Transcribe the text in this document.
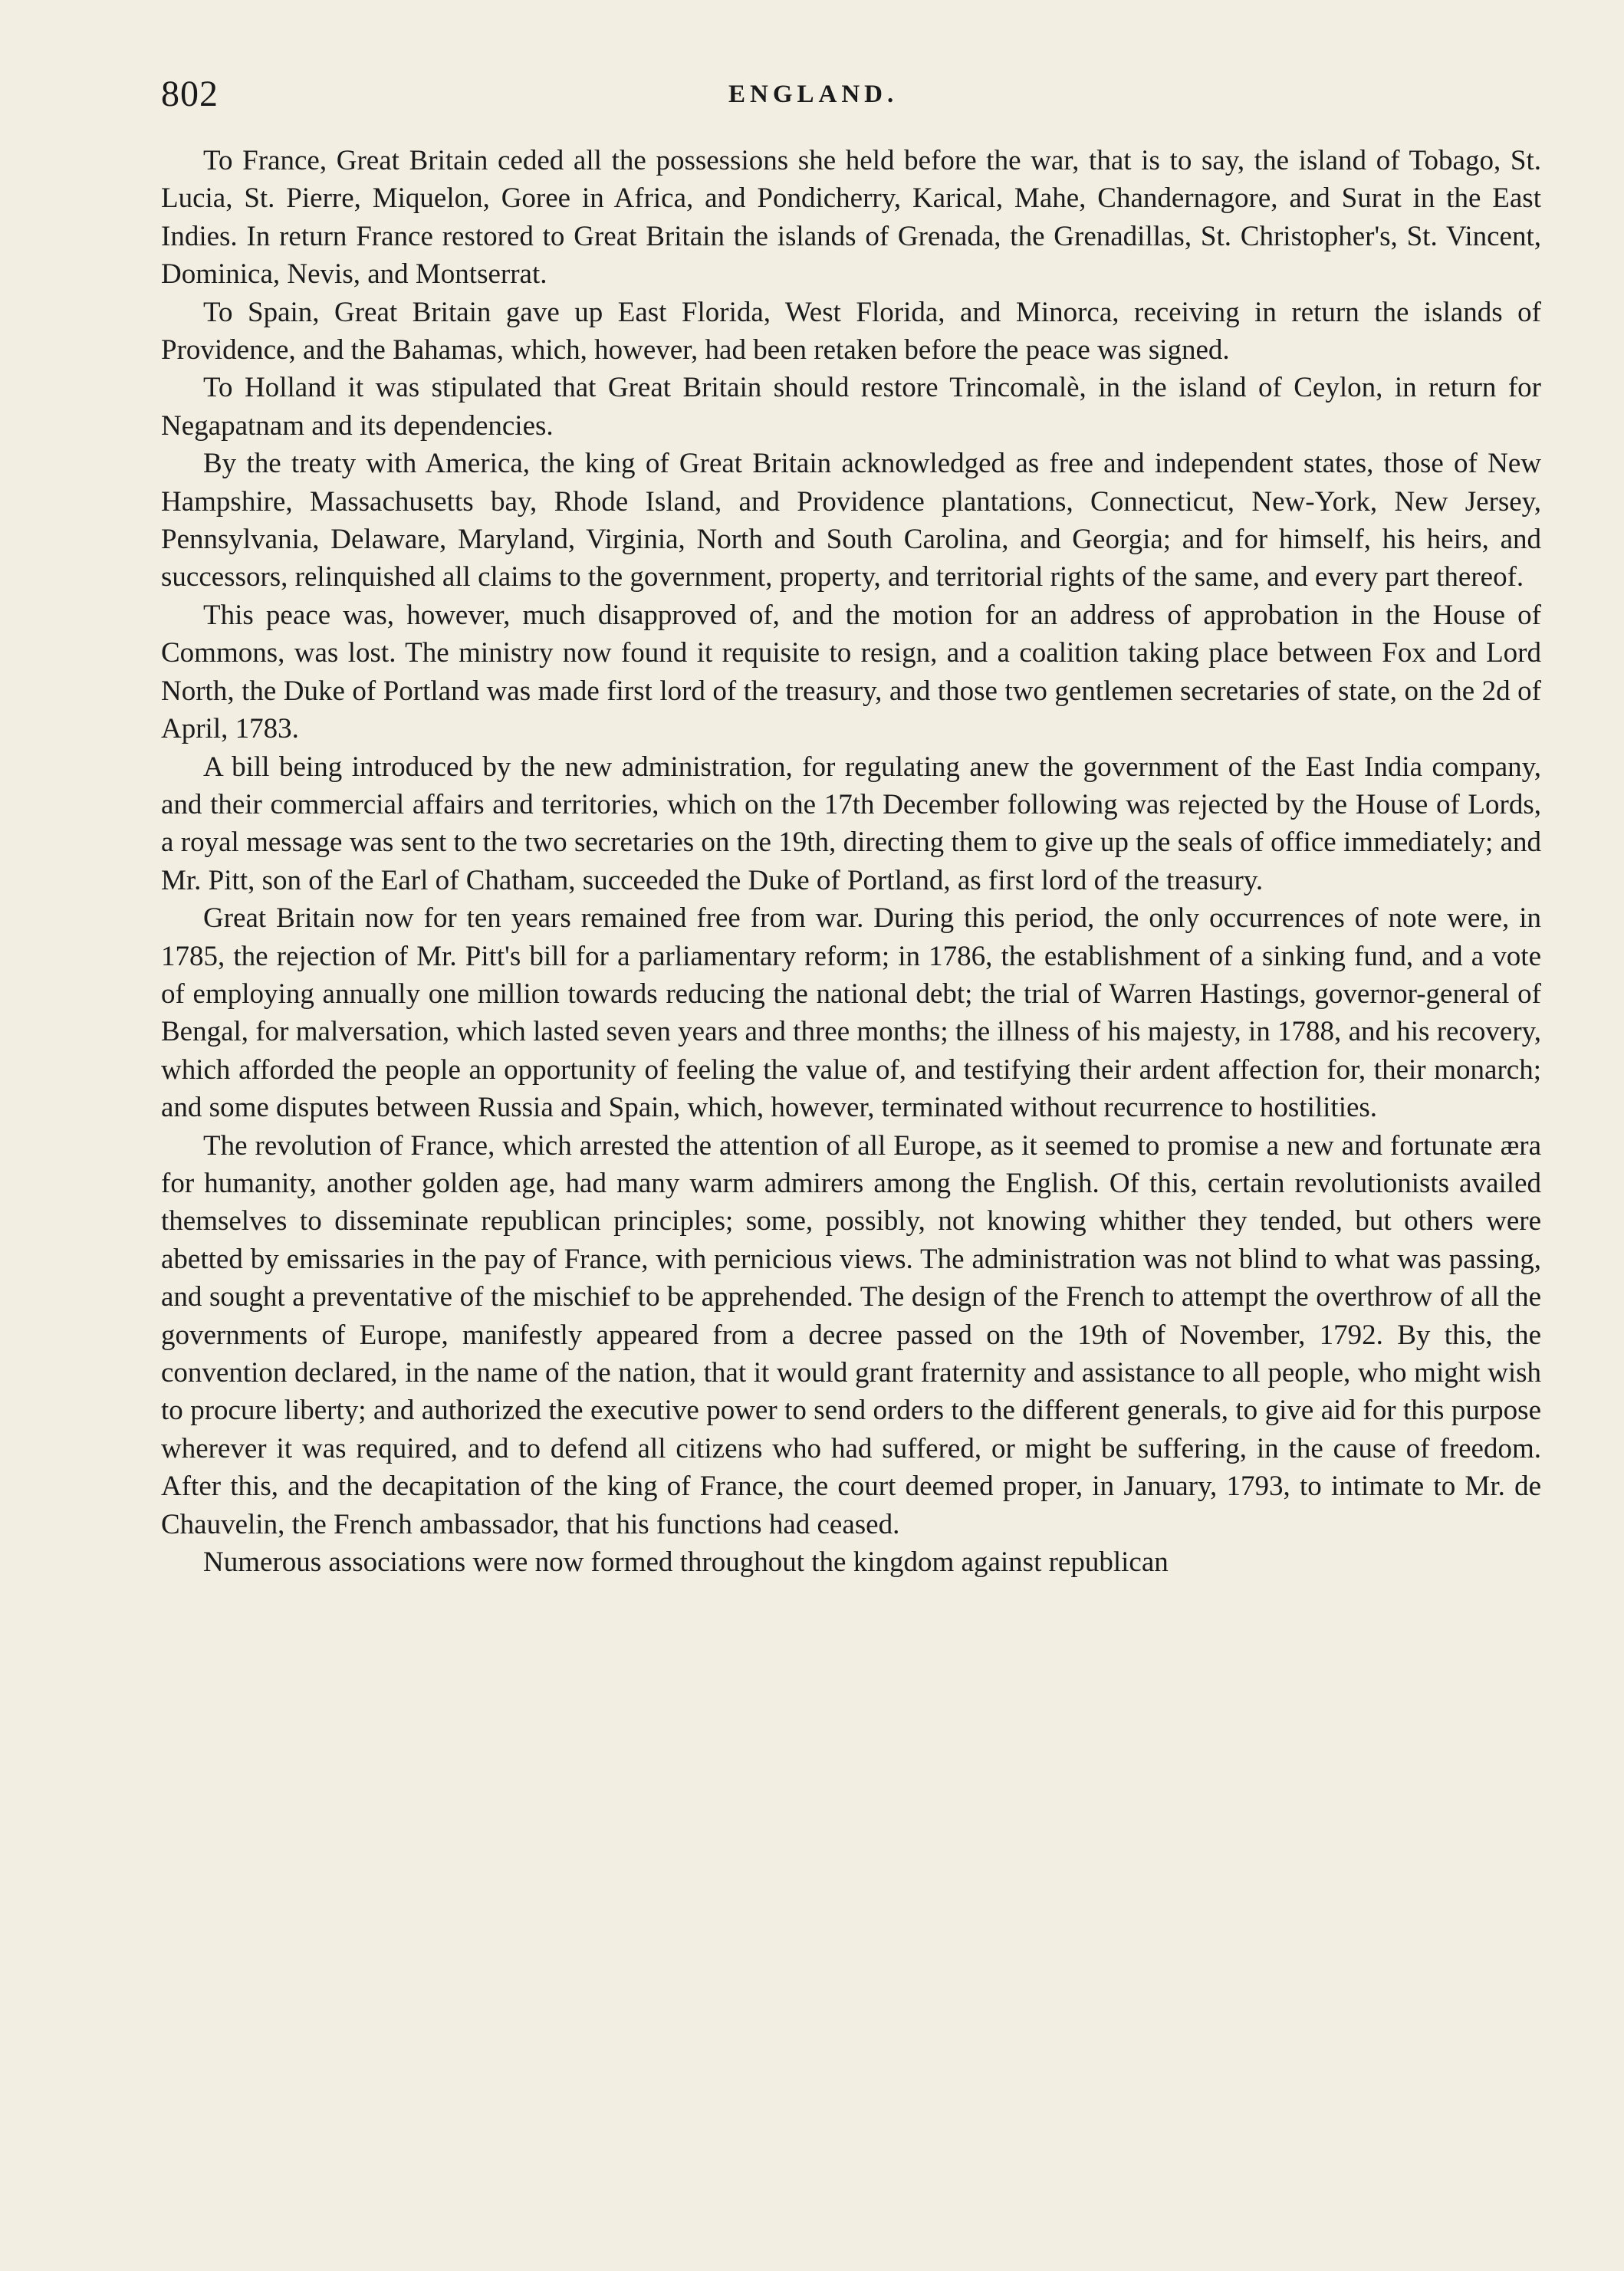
802	ENGLAND.

To France, Great Britain ceded all the possessions she held before the war, that is to say, the island of Tobago, St. Lucia, St. Pierre, Miquelon, Goree in Africa, and Pondicherry, Karical, Mahe, Chandernagore, and Surat in the East Indies. In return France restored to Great Britain the islands of Grenada, the Grenadillas, St. Christopher's, St. Vincent, Dominica, Nevis, and Montserrat.

To Spain, Great Britain gave up East Florida, West Florida, and Minorca, receiving in return the islands of Providence, and the Bahamas, which, however, had been retaken before the peace was signed.

To Holland it was stipulated that Great Britain should restore Trincomalè, in the island of Ceylon, in return for Negapatnam and its dependencies.

By the treaty with America, the king of Great Britain acknowledged as free and independent states, those of New Hampshire, Massachusetts bay, Rhode Island, and Providence plantations, Connecticut, New-York, New Jersey, Pennsylvania, Delaware, Maryland, Virginia, North and South Carolina, and Georgia; and for himself, his heirs, and successors, relinquished all claims to the government, property, and territorial rights of the same, and every part thereof.

This peace was, however, much disapproved of, and the motion for an address of approbation in the House of Commons, was lost. The ministry now found it requisite to resign, and a coalition taking place between Fox and Lord North, the Duke of Portland was made first lord of the treasury, and those two gentlemen secretaries of state, on the 2d of April, 1783.

A bill being introduced by the new administration, for regulating anew the government of the East India company, and their commercial affairs and territories, which on the 17th December following was rejected by the House of Lords, a royal message was sent to the two secretaries on the 19th, directing them to give up the seals of office immediately; and Mr. Pitt, son of the Earl of Chatham, succeeded the Duke of Portland, as first lord of the treasury.

Great Britain now for ten years remained free from war. During this period, the only occurrences of note were, in 1785, the rejection of Mr. Pitt's bill for a parliamentary reform; in 1786, the establishment of a sinking fund, and a vote of employing annually one million towards reducing the national debt; the trial of Warren Hastings, governor-general of Bengal, for malversation, which lasted seven years and three months; the illness of his majesty, in 1788, and his recovery, which afforded the people an opportunity of feeling the value of, and testifying their ardent affection for, their monarch; and some disputes between Russia and Spain, which, however, terminated without recurrence to hostilities.

The revolution of France, which arrested the attention of all Europe, as it seemed to promise a new and fortunate æra for humanity, another golden age, had many warm admirers among the English. Of this, certain revolutionists availed themselves to disseminate republican principles; some, possibly, not knowing whither they tended, but others were abetted by emissaries in the pay of France, with pernicious views. The administration was not blind to what was passing, and sought a preventative of the mischief to be apprehended. The design of the French to attempt the overthrow of all the governments of Europe, manifestly appeared from a decree passed on the 19th of November, 1792. By this, the convention declared, in the name of the nation, that it would grant fraternity and assistance to all people, who might wish to procure liberty; and authorized the executive power to send orders to the different generals, to give aid for this purpose wherever it was required, and to defend all citizens who had suffered, or might be suffering, in the cause of freedom. After this, and the decapitation of the king of France, the court deemed proper, in January, 1793, to intimate to Mr. de Chauvelin, the French ambassador, that his functions had ceased.

Numerous associations were now formed throughout the kingdom against republican
